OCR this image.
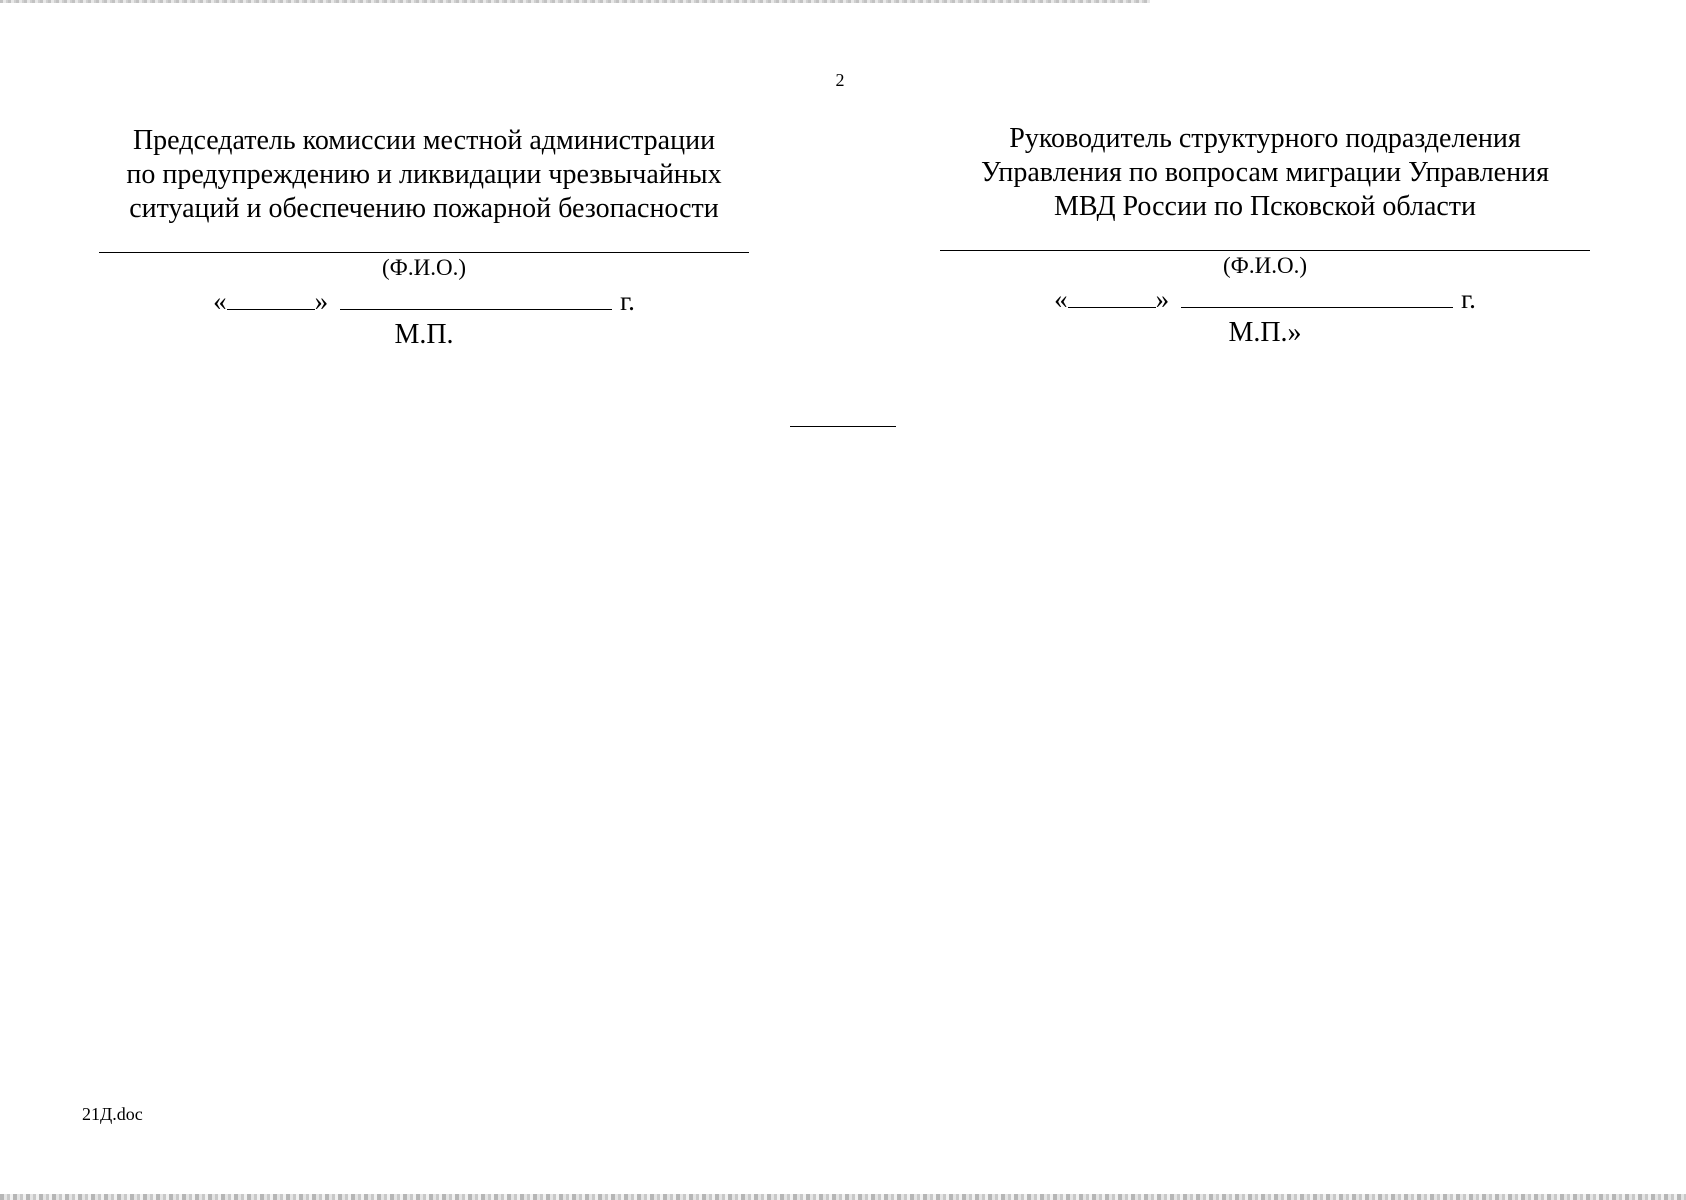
2
Председатель комиссии местной администрации
по предупреждению и ликвидации чрезвычайных
ситуаций и обеспечению пожарной безопасности
(Ф.И.О.)
«	»	г.
М.П.
Руководитель структурного подразделения
Управления по вопросам миграции Управления
МВД России по Псковской области
(Ф.И.О.)
«	»	г.
М.П.»
21Д.doc
